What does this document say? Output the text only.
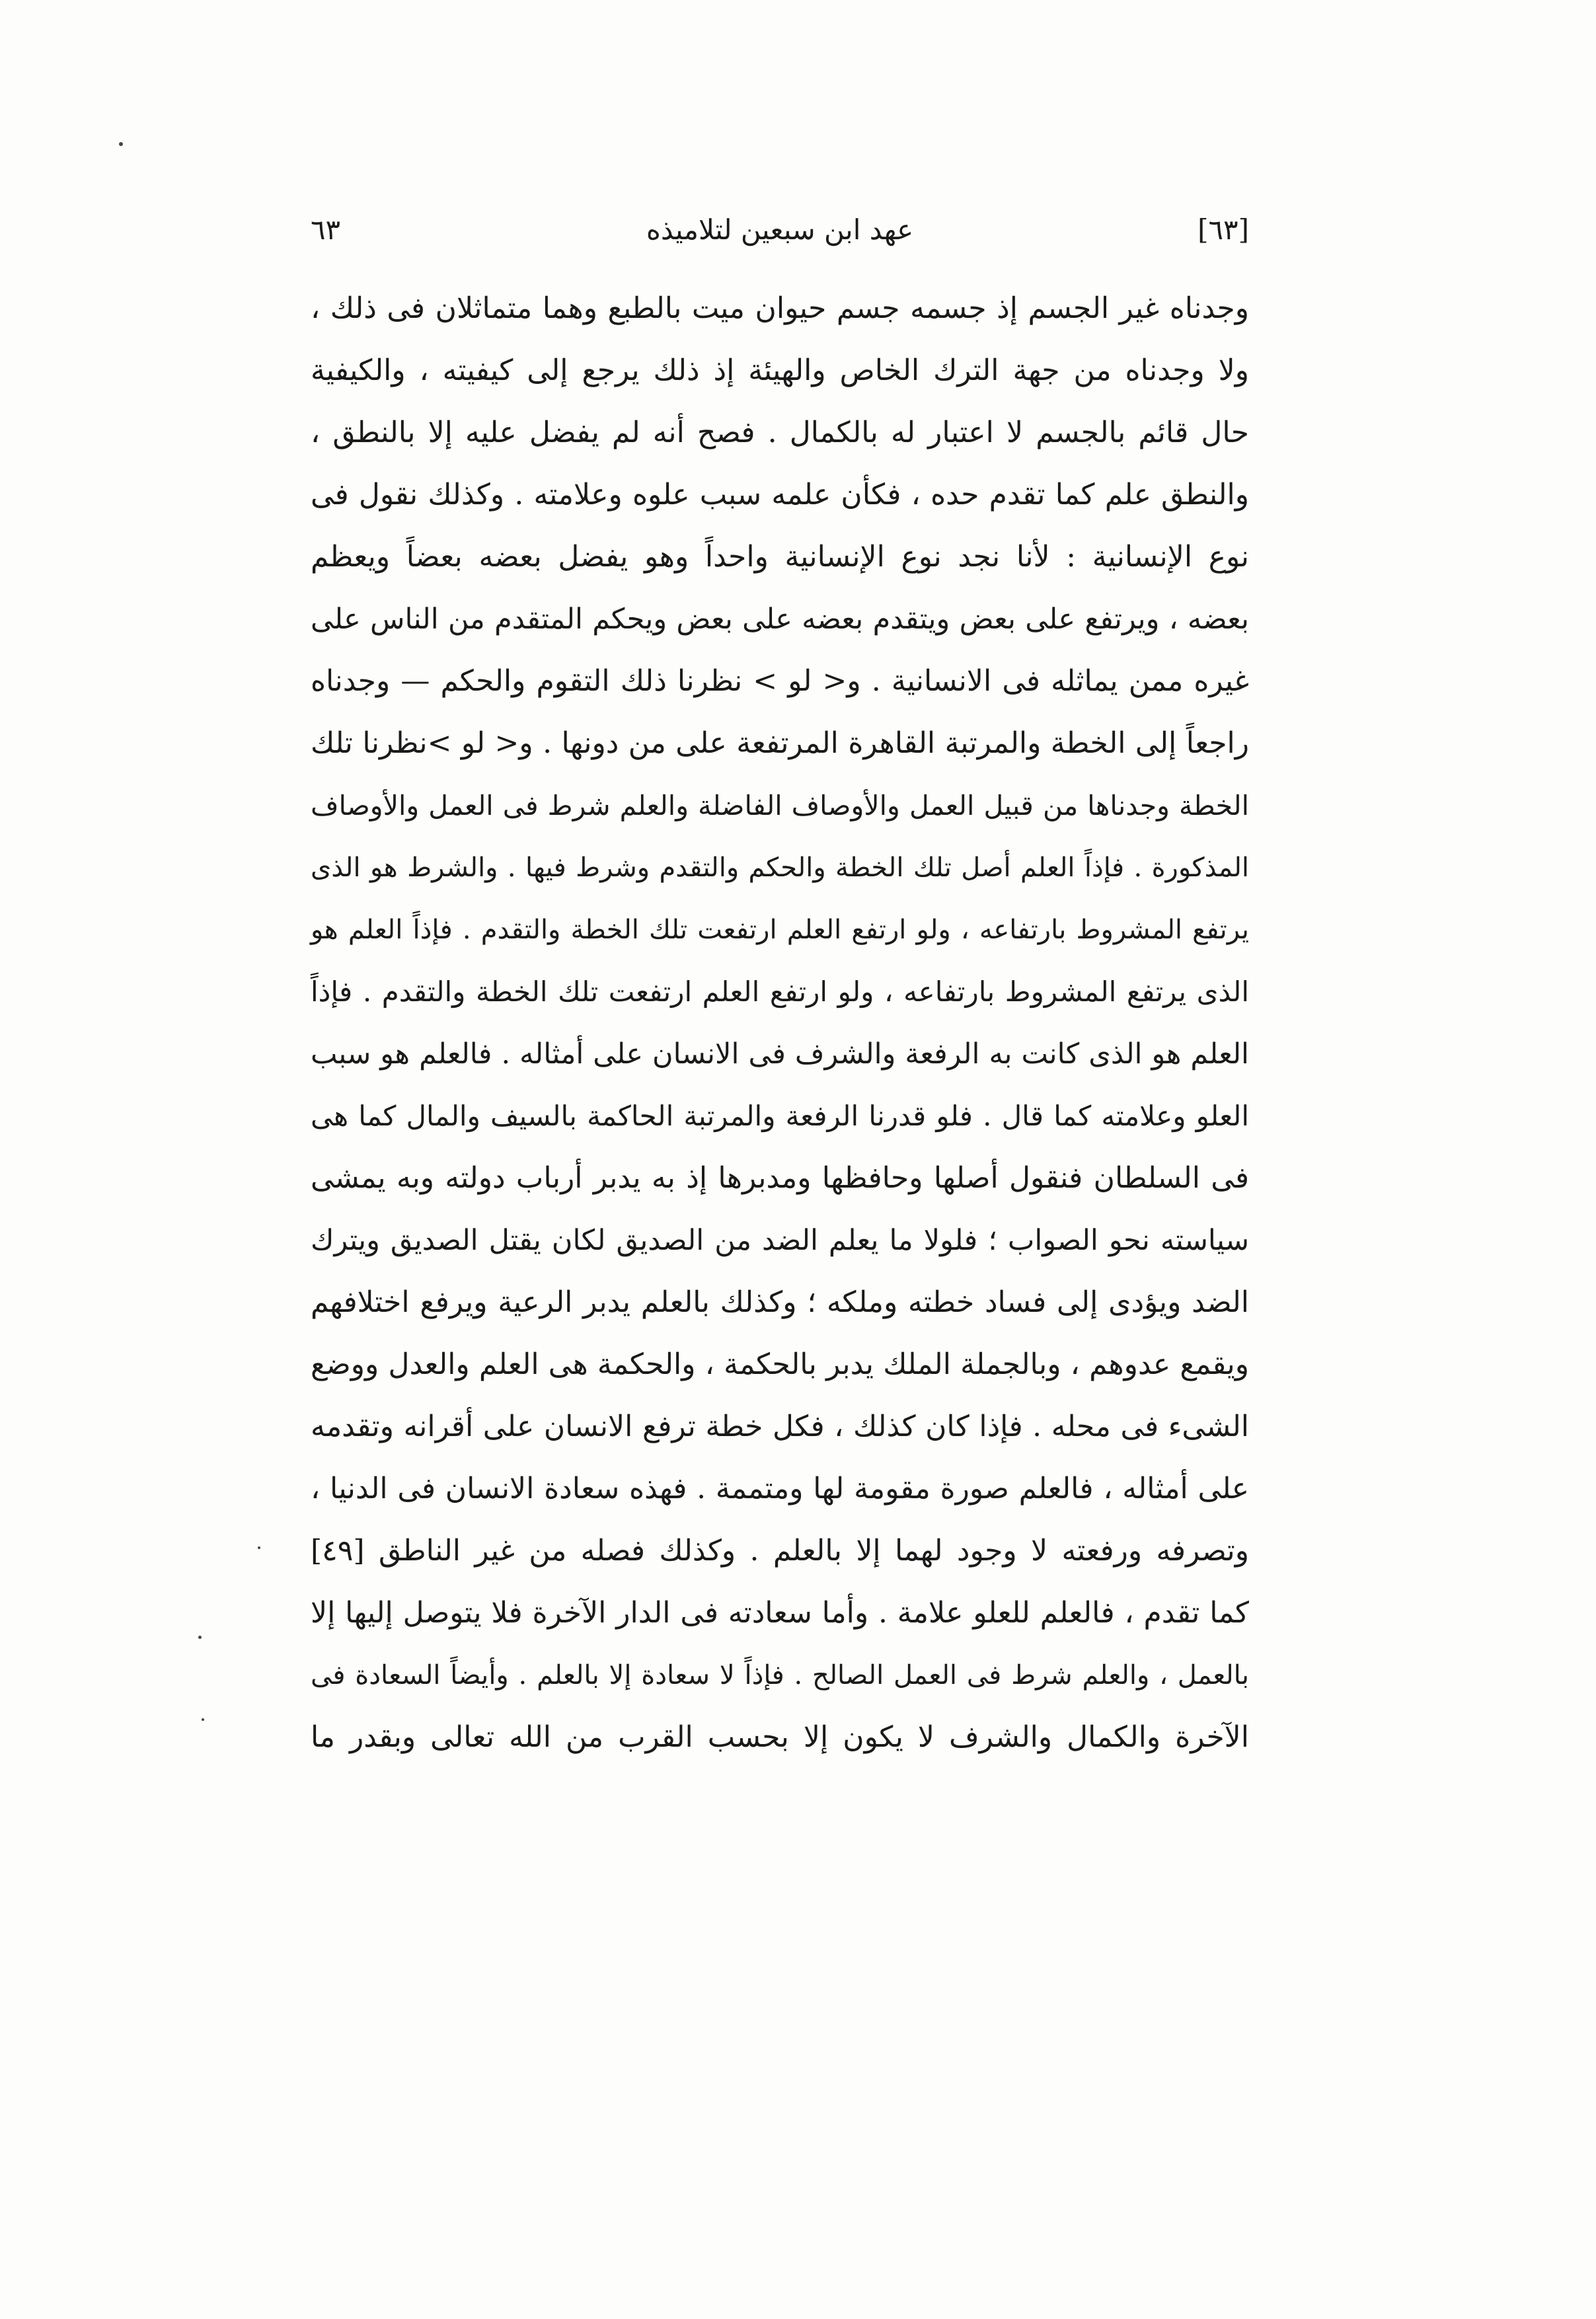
[٦٣]
عهد ابن سبعين لتلاميذه
٦٣
وجدناه غير الجسم إذ جسمه جسم حيوان ميت بالطبع وهما متماثلان فى ذلك ،
ولا وجدناه من جهة الترك الخاص والهيئة إذ ذلك يرجع إلى كيفيته ، والكيفية
حال قائم بالجسم لا اعتبار له بالكمال . فصح أنه لم يفضل عليه إلا بالنطق ،
والنطق علم كما تقدم حده ، فكأن علمه سبب علوه وعلامته . وكذلك نقول فى
نوع الإنسانية : لأنا نجد نوع الإنسانية واحداً وهو يفضل بعضه بعضاً ويعظم
بعضه ، ويرتفع على بعض ويتقدم بعضه على بعض ويحكم المتقدم من الناس على
غيره ممن يماثله فى الانسانية . و< لو > نظرنا ذلك التقوم والحكم — وجدناه
راجعاً إلى الخطة والمرتبة القاهرة المرتفعة على من دونها . و< لو >نظرنا تلك
الخطة وجدناها من قبيل العمل والأوصاف الفاضلة والعلم شرط فى العمل والأوصاف
المذكورة . فإذاً العلم أصل تلك الخطة والحكم والتقدم وشرط فيها . والشرط هو الذى
يرتفع المشروط بارتفاعه ، ولو ارتفع العلم ارتفعت تلك الخطة والتقدم . فإذاً العلم هو
الذى يرتفع المشروط بارتفاعه ، ولو ارتفع العلم ارتفعت تلك الخطة والتقدم . فإذاً
العلم هو الذى كانت به الرفعة والشرف فى الانسان على أمثاله . فالعلم هو سبب
العلو وعلامته كما قال . فلو قدرنا الرفعة والمرتبة الحاكمة بالسيف والمال كما هى
فى السلطان فنقول أصلها وحافظها ومدبرها إذ به يدبر أرباب دولته وبه يمشى
سياسته نحو الصواب ؛ فلولا ما يعلم الضد من الصديق لكان يقتل الصديق ويترك
الضد ويؤدى إلى فساد خطته وملكه ؛ وكذلك بالعلم يدبر الرعية ويرفع اختلافهم
ويقمع عدوهم ، وبالجملة الملك يدبر بالحكمة ، والحكمة هى العلم والعدل ووضع
الشىء فى محله . فإذا كان كذلك ، فكل خطة ترفع الانسان على أقرانه وتقدمه
على أمثاله ، فالعلم صورة مقومة لها ومتممة . فهذه سعادة الانسان فى الدنيا ،
وتصرفه ورفعته لا وجود لهما إلا بالعلم . وكذلك فصله من غير الناطق [٤٩]
كما تقدم ، فالعلم للعلو علامة . وأما سعادته فى الدار الآخرة فلا يتوصل إليها إلا
بالعمل ، والعلم شرط فى العمل الصالح . فإذاً لا سعادة إلا بالعلم . وأيضاً السعادة فى
الآخرة والكمال والشرف لا يكون إلا بحسب القرب من الله تعالى وبقدر ما
